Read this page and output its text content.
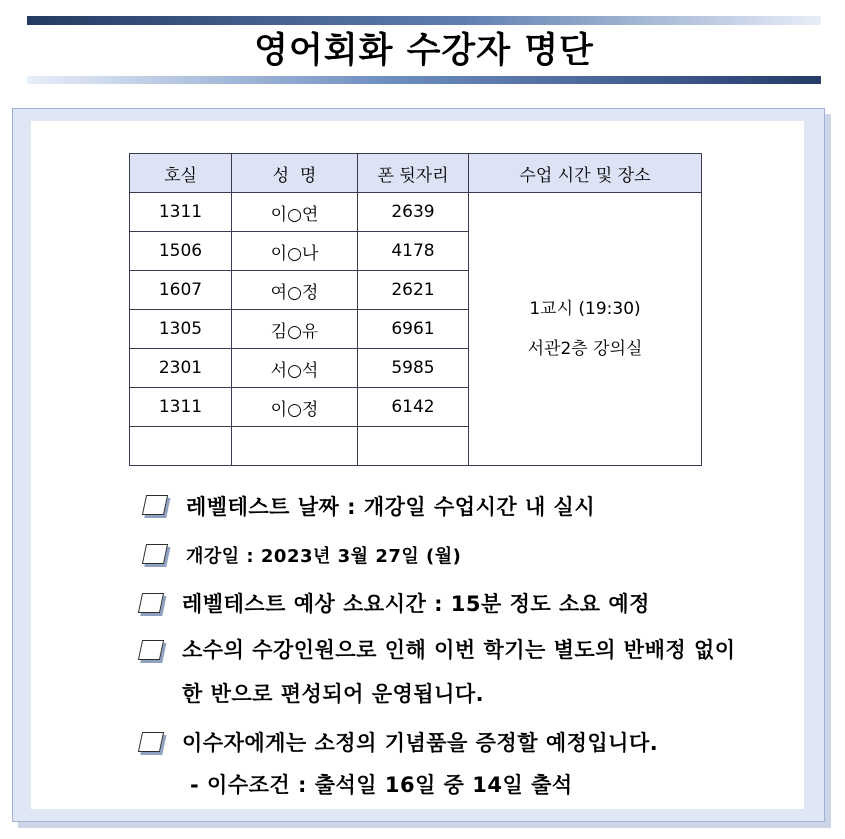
영어회화 수강자 명단
호실	성  명	폰 뒷자리	수업 시간 및 장소
1311	이○연	2639	1교시 (19:30)
서관2층 강의실

1506	이○나	4178	
1607	여○정	2621	
1305	김○유	6961	
2301	서○석	5985	
1311	이○정	6142	

레벨테스트 날짜 : 개강일 수업시간 내 실시
개강일 : 2023년 3월 27일 (월)
레벨테스트 예상 소요시간 : 15분 정도 소요 예정
소수의 수강인원으로 인해 이번 학기는 별도의 반배정 없이
한 반으로 편성되어 운영됩니다.
이수자에게는 소정의 기념품을 증정할 예정입니다.
- 이수조건 : 출석일 16일 중 14일 출석
